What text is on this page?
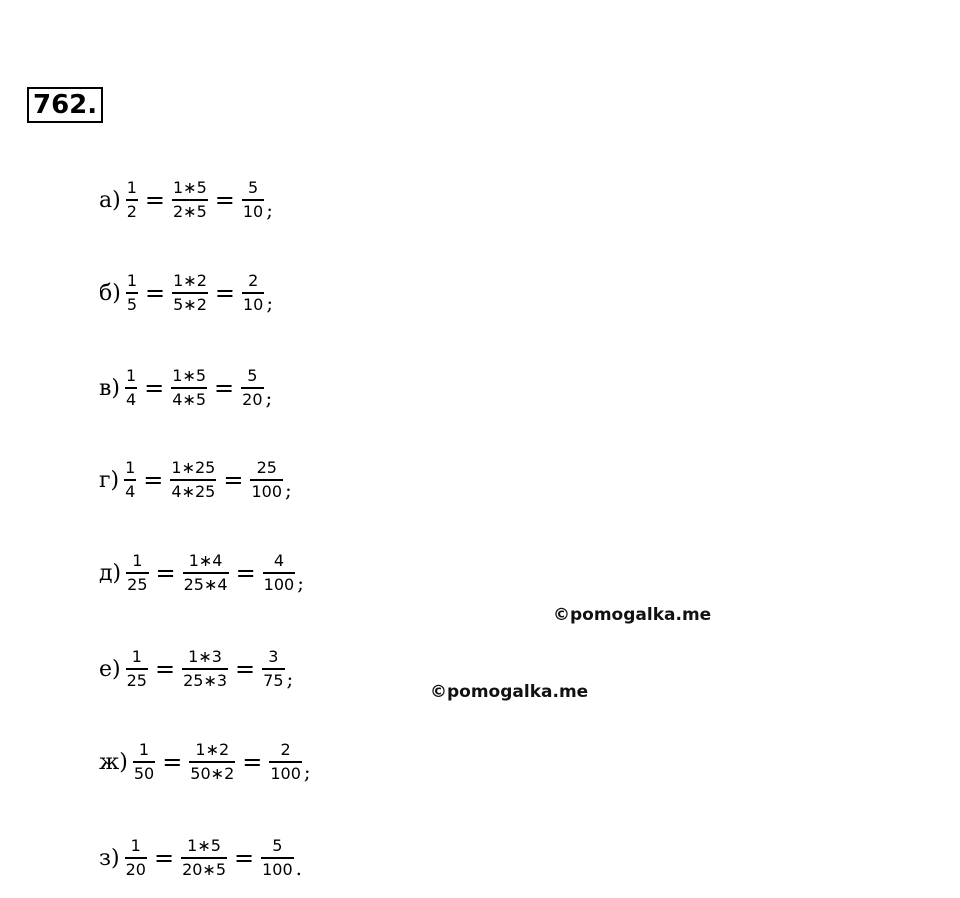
762.
$а) \frac{1}{2} = \frac{1∗5}{2∗5} = \frac{5}{10}$ ;
$б) \frac{1}{5} = \frac{1∗2}{5∗2} = \frac{2}{10}$ ;
$в) \frac{1}{4} = \frac{1∗5}{4∗5} = \frac{5}{20}$ ;
$г) \frac{1}{4} = \frac{1∗25}{4∗25} = \frac{25}{100}$ ;
$д) \frac{1}{25} = \frac{1∗4}{25∗4} = \frac{4}{100}$ ;
$е) \frac{1}{25} = \frac{1∗3}{25∗3} = \frac{3}{75}$ ;
$ж) \frac{1}{50} = \frac{1∗2}{50∗2} = \frac{2}{100}$ ;
$з) \frac{1}{20} = \frac{1∗5}{20∗5} = \frac{5}{100}$ .
©pomogalka.me
©pomogalka.me
